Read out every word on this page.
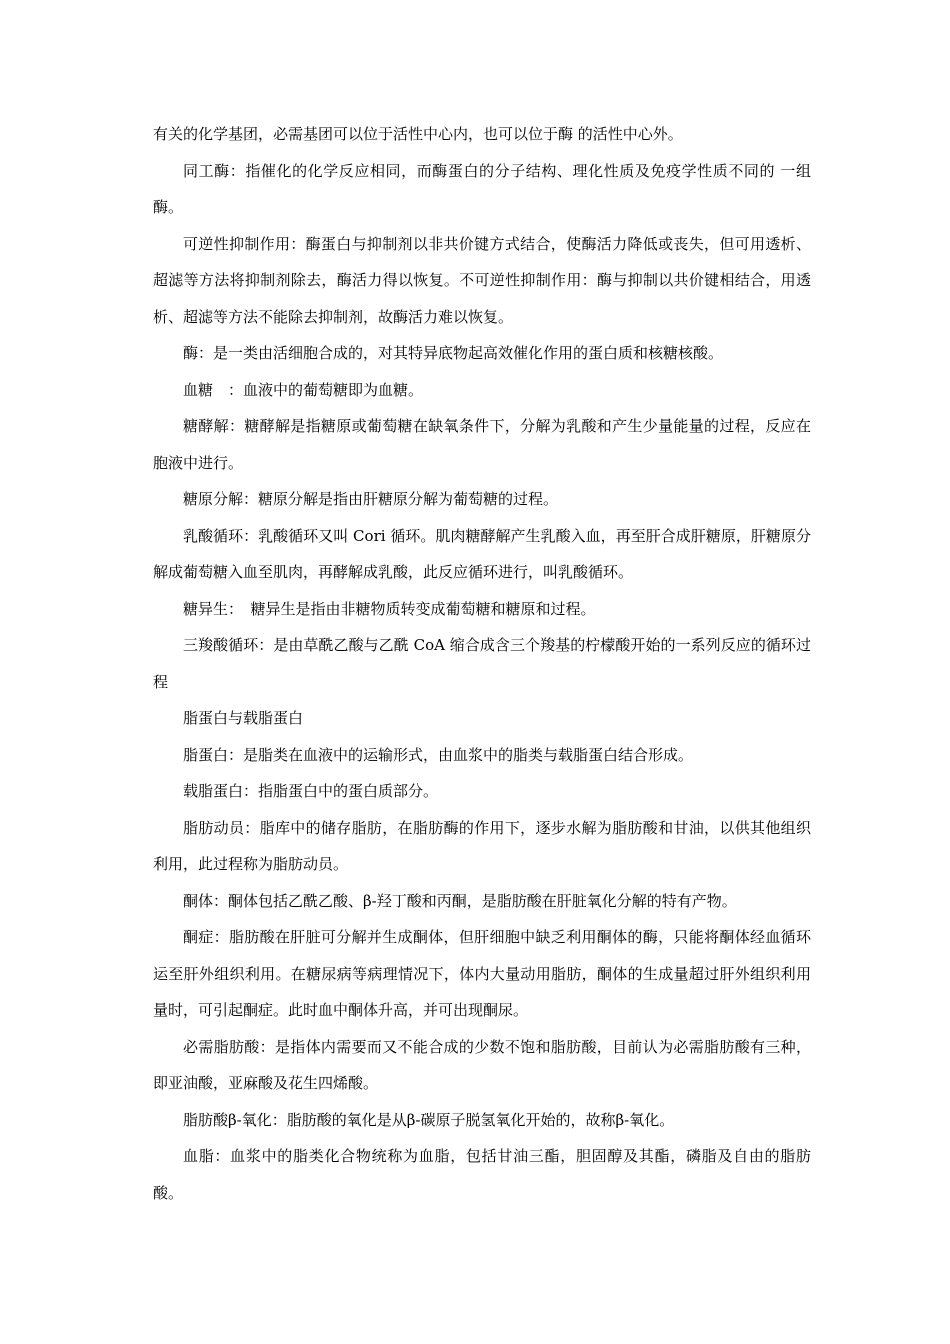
有关的化学基团，必需基团可以位于活性中心内，也可以位于酶 的活性中心外。

同工酶：指催化的化学反应相同，而酶蛋白的分子结构、理化性质及免疫学性质不同的 一组酶。

可逆性抑制作用：酶蛋白与抑制剂以非共价键方式结合，使酶活力降低或丧失，但可用透析、超滤等方法将抑制剂除去，酶活力得以恢复。不可逆性抑制作用：酶与抑制以共价键相结合，用透析、超滤等方法不能除去抑制剂，故酶活力难以恢复。

酶：是一类由活细胞合成的，对其特异底物起高效催化作用的蛋白质和核糖核酸。

血糖　：血液中的葡萄糖即为血糖。

糖酵解：糖酵解是指糖原或葡萄糖在缺氧条件下，分解为乳酸和产生少量能量的过程，反应在胞液中进行。

糖原分解：糖原分解是指由肝糖原分解为葡萄糖的过程。

乳酸循环：乳酸循环又叫 Cori 循环。肌肉糖酵解产生乳酸入血，再至肝合成肝糖原，肝糖原分解成葡萄糖入血至肌肉，再酵解成乳酸，此反应循环进行，叫乳酸循环。

糖异生：　糖异生是指由非糖物质转变成葡萄糖和糖原和过程。

三羧酸循环：是由草酰乙酸与乙酰 CoA 缩合成含三个羧基的柠檬酸开始的一系列反应的循环过程

脂蛋白与载脂蛋白

脂蛋白：是脂类在血液中的运输形式，由血浆中的脂类与载脂蛋白结合形成。

载脂蛋白：指脂蛋白中的蛋白质部分。

脂肪动员：脂库中的储存脂肪，在脂肪酶的作用下，逐步水解为脂肪酸和甘油，以供其他组织利用，此过程称为脂肪动员。

酮体：酮体包括乙酰乙酸、β-羟丁酸和丙酮，是脂肪酸在肝脏氧化分解的特有产物。

酮症：脂肪酸在肝脏可分解并生成酮体，但肝细胞中缺乏利用酮体的酶，只能将酮体经血循环运至肝外组织利用。在糖尿病等病理情况下，体内大量动用脂肪，酮体的生成量超过肝外组织利用量时，可引起酮症。此时血中酮体升高，并可出现酮尿。

必需脂肪酸：是指体内需要而又不能合成的少数不饱和脂肪酸，目前认为必需脂肪酸有三种，即亚油酸，亚麻酸及花生四烯酸。

脂肪酸β-氧化：脂肪酸的氧化是从β-碳原子脱氢氧化开始的，故称β-氧化。

血脂：血浆中的脂类化合物统称为血脂，包括甘油三酯，胆固醇及其酯，磷脂及自由的脂肪酸。
